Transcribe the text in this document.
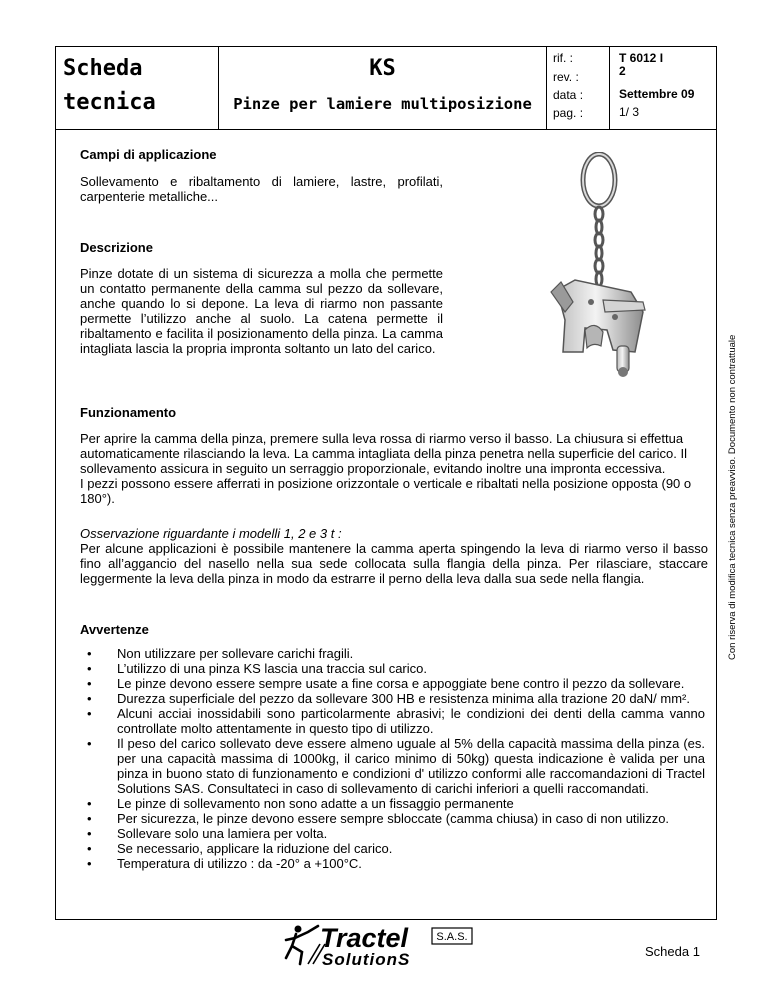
Scheda
tecnica
KS
Pinze per lamiere multiposizione
rif. :	T 6012 I
rev. :	2
data :	Settembre 09
pag. :	1/ 3
Con riserva di modifica tecnica senza preavviso. Documento non contrattuale
Campi di applicazione
Sollevamento e ribaltamento di lamiere, lastre, profilati, carpenterie metalliche...
Descrizione
Pinze dotate di un sistema di sicurezza a molla che permette un contatto permanente della camma sul pezzo da sollevare, anche quando lo si depone. La leva di riarmo non passante permette l’utilizzo anche al suolo. La catena permette il ribaltamento e facilita il posizionamento della pinza. La camma intagliata lascia la propria impronta soltanto un lato del carico.
Funzionamento
Per aprire la camma della pinza, premere sulla leva rossa di riarmo verso il basso. La chiusura si effettua automaticamente rilasciando la leva. La camma intagliata della pinza penetra nella superficie del carico. Il sollevamento assicura in seguito un serraggio proporzionale, evitando inoltre una impronta eccessiva.
I pezzi possono essere afferrati in posizione orizzontale o verticale e ribaltati nella posizione opposta (90 o 180°).
Osservazione riguardante i modelli 1, 2 e 3 t :
Per alcune applicazioni è possibile mantenere la camma aperta spingendo la leva di riarmo verso il basso fino all’aggancio del nasello nella sua sede collocata sulla flangia della pinza. Per rilasciare, staccare leggermente la leva della pinza in modo da estrarre il perno della leva dalla sua sede nella flangia.
Avvertenze
• Non utilizzare per sollevare carichi fragili.
• L’utilizzo di una pinza KS lascia una traccia sul carico.
• Le pinze devono essere sempre usate a fine corsa e appoggiate bene contro il pezzo da sollevare.
• Durezza superficiale del pezzo da sollevare 300 HB e resistenza minima alla trazione 20 daN/ mm².
• Alcuni acciai inossidabili sono particolarmente abrasivi; le condizioni dei denti della camma vanno controllate molto attentamente in questo tipo di utilizzo.
• Il peso del carico sollevato deve essere almeno uguale al 5% della capacità massima della pinza (es. per una capacità massima di 1000kg, il carico minimo di 50kg) questa indicazione è valida per una pinza in buono stato di funzionamento e condizioni d' utilizzo conformi alle raccomandazioni di Tractel Solutions SAS. Consultateci in caso di sollevamento di carichi inferiori a quelli raccomandati.
• Le pinze di sollevamento non sono adatte a un fissaggio permanente
• Per sicurezza, le pinze devono essere sempre sbloccate (camma chiusa) in caso di non utilizzo.
• Sollevare solo una lamiera per volta.
• Se necessario, applicare la riduzione del carico.
• Temperatura di utilizzo : da -20° a +100°C.
Tractel
SolutionS
S.A.S.
Scheda 1
